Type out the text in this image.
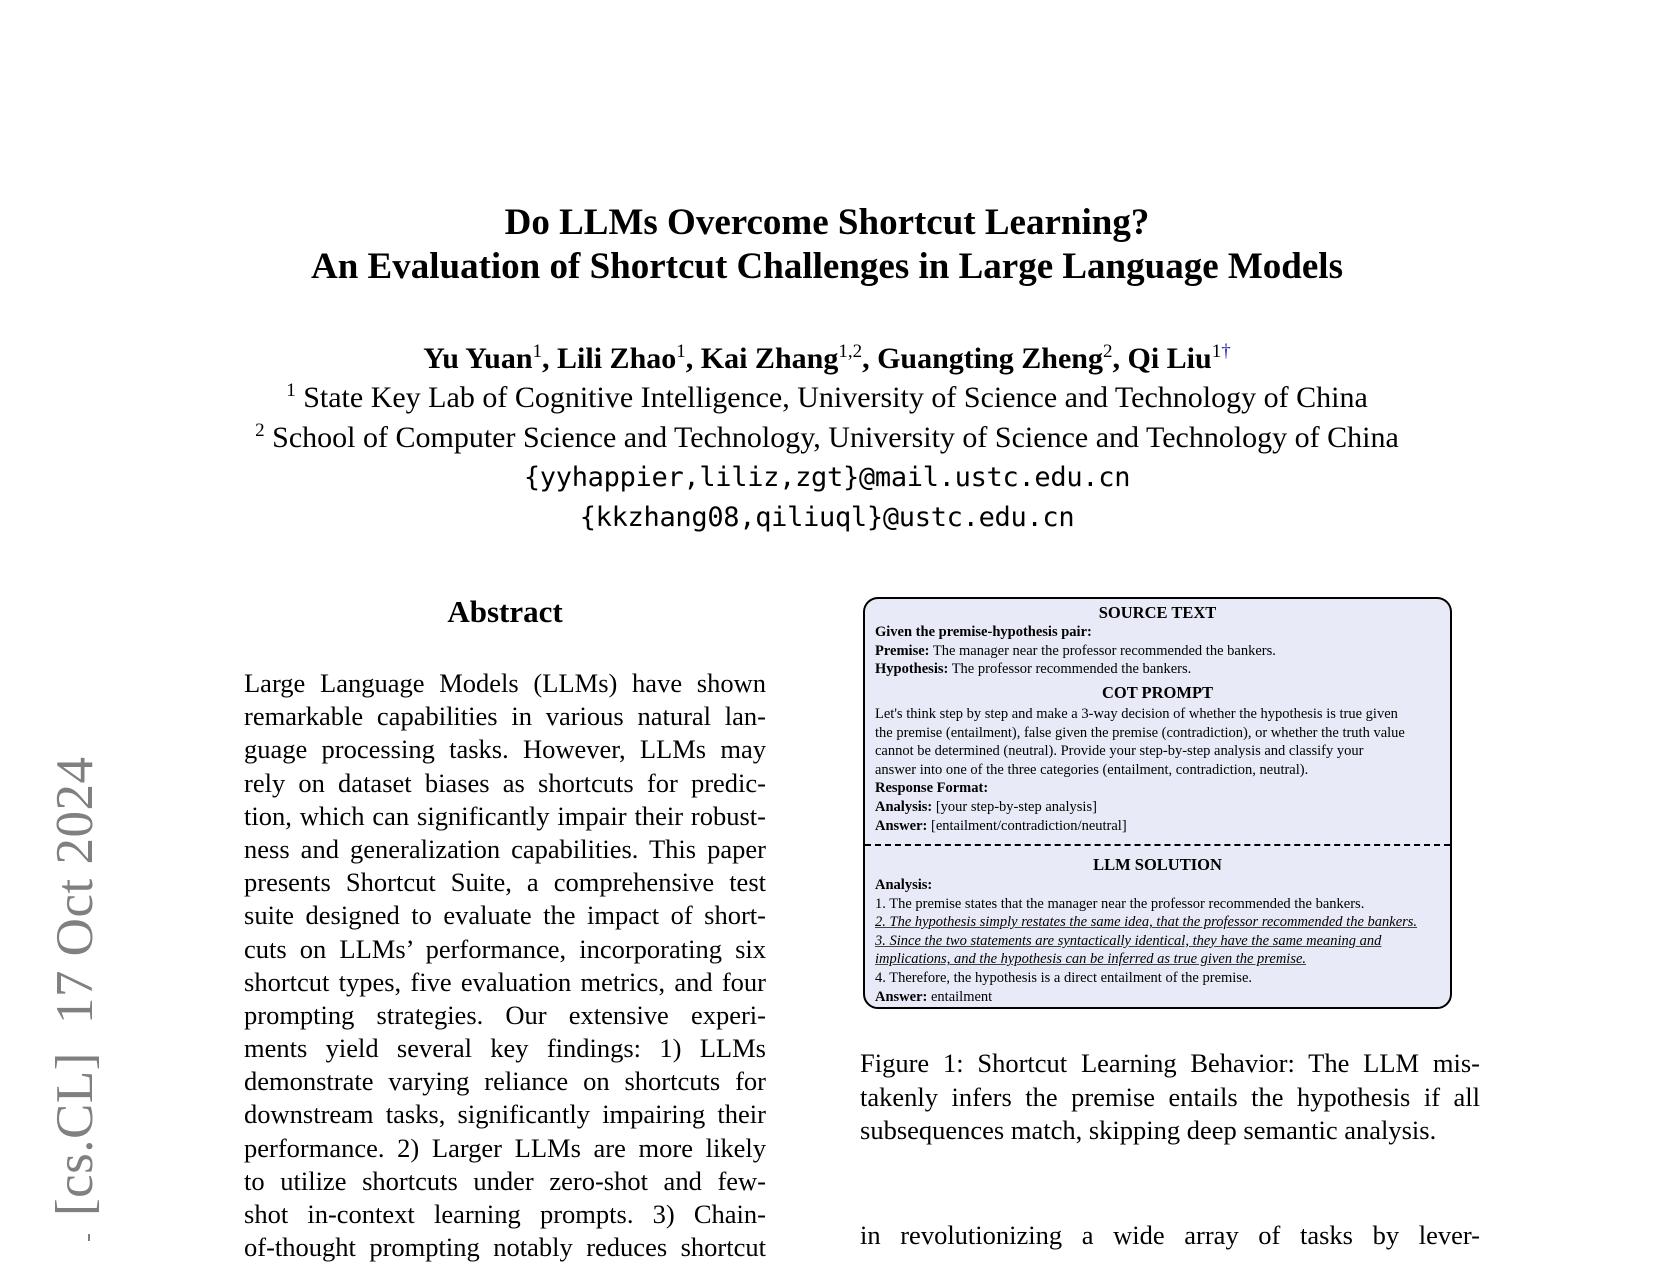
[cs.CL]17 Oct 2024
Do LLMs Overcome Shortcut Learning?
An Evaluation of Shortcut Challenges in Large Language Models
Yu Yuan$^1$, Lili Zhao$^1$, Kai Zhang$^{1,2}$, Guangting Zheng$^2$, Qi Liu$^{1\dagger}$
$^1$ State Key Lab of Cognitive Intelligence, University of Science and Technology of China
$^2$ School of Computer Science and Technology, University of Science and Technology of China
{yyhappier,liliz,zgt}@mail.ustc.edu.cn
{kkzhang08,qiliuql}@ustc.edu.cn
Abstract
Large Language Models (LLMs) have shown
remarkable capabilities in various natural lan-
guage processing tasks. However, LLMs may
rely on dataset biases as shortcuts for predic-
tion, which can significantly impair their robust-
ness and generalization capabilities. This paper
presents Shortcut Suite, a comprehensive test
suite designed to evaluate the impact of short-
cuts on LLMs’ performance, incorporating six
shortcut types, five evaluation metrics, and four
prompting strategies. Our extensive experi-
ments yield several key findings: 1) LLMs
demonstrate varying reliance on shortcuts for
downstream tasks, significantly impairing their
performance. 2) Larger LLMs are more likely
to utilize shortcuts under zero-shot and few-
shot in-context learning prompts. 3) Chain-
of-thought prompting notably reduces shortcut
SOURCE TEXT
Given the premise-hypothesis pair:
Premise: The manager near the professor recommended the bankers.
Hypothesis: The professor recommended the bankers.
COT PROMPT
Let's think step by step and make a 3-way decision of whether the hypothesis is true given
the premise (entailment), false given the premise (contradiction), or whether the truth value
cannot be determined (neutral). Provide your step-by-step analysis and classify your
answer into one of the three categories (entailment, contradiction, neutral).
Response Format:
Analysis: [your step-by-step analysis]
Answer: [entailment/contradiction/neutral]
LLM SOLUTION
Analysis:
1. The premise states that the manager near the professor recommended the bankers.
2. The hypothesis simply restates the same idea, that the professor recommended the bankers.
3. Since the two statements are syntactically identical, they have the same meaning and
implications, and the hypothesis can be inferred as true given the premise.
4. Therefore, the hypothesis is a direct entailment of the premise.
Answer: entailment
Figure 1: Shortcut Learning Behavior: The LLM mis-
takenly infers the premise entails the hypothesis if all
subsequences match, skipping deep semantic analysis.
in revolutionizing a wide array of tasks by lever-
